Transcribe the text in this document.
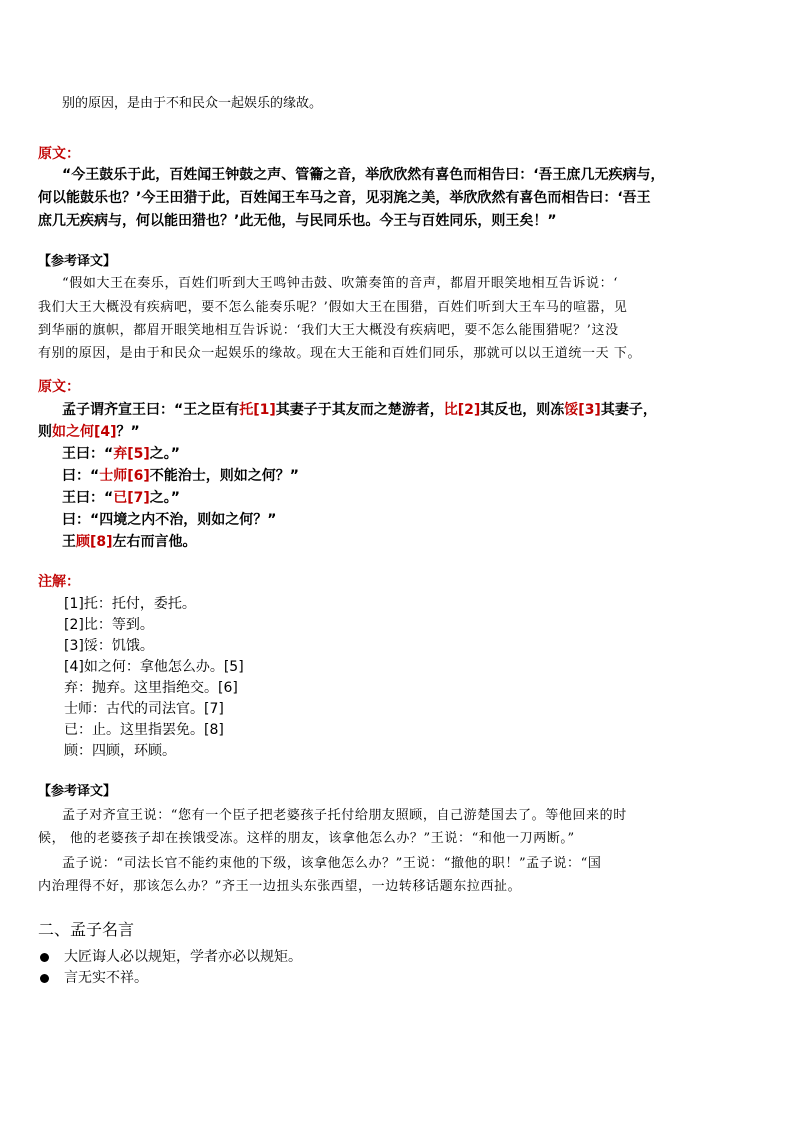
别的原因，是由于不和民众一起娱乐的缘故。
原文：
“今王鼓乐于此，百姓闻王钟鼓之声、管籥之音，举欣欣然有喜色而相告曰：‘吾王庶几无疾病与，
何以能鼓乐也？’今王田猎于此，百姓闻王车马之音，见羽旄之美，举欣欣然有喜色而相告曰：‘吾王
庶几无疾病与，何以能田猎也？’此无他，与民同乐也。今王与百姓同乐，则王矣！”
【参考译文】
“假如大王在奏乐，百姓们听到大王鸣钟击鼓、吹箫奏笛的音声，都眉开眼笑地相互告诉说：‘
我们大王大概没有疾病吧，要不怎么能奏乐呢？’假如大王在围猎，百姓们听到大王车马的喧嚣，见
到华丽的旗帜，都眉开眼笑地相互告诉说：‘我们大王大概没有疾病吧，要不怎么能围猎呢？’这没
有别的原因，是由于和民众一起娱乐的缘故。现在大王能和百姓们同乐，那就可以以王道统一天 下。
原文：
孟子谓齐宣王曰：“王之臣有托[1]其妻子于其友而之楚游者，比[2]其反也，则冻馁[3]其妻子，
则如之何[4]？”
王曰：“弃[5]之。”
曰：“士师[6]不能治士，则如之何？”
王曰：“已[7]之。”
曰：“四境之内不治，则如之何？”
王顾[8]左右而言他。
注解：
[1]托：托付，委托。
[2]比：等到。
[3]馁：饥饿。
[4]如之何：拿他怎么办。[5]
弃：抛弃。这里指绝交。[6]
士师：古代的司法官。[7]
已：止。这里指罢免。[8]
顾：四顾，环顾。
【参考译文】
孟子对齐宣王说：“您有一个臣子把老婆孩子托付给朋友照顾，自己游楚国去了。等他回来的时
候， 他的老婆孩子却在挨饿受冻。这样的朋友，该拿他怎么办？”王说：“和他一刀两断。”
孟子说：“司法长官不能约束他的下级，该拿他怎么办？”王说：“撤他的职！”孟子说：“国
内治理得不好，那该怎么办？”齐王一边扭头东张西望，一边转移话题东拉西扯。
二、孟子名言
大匠诲人必以规矩，学者亦必以规矩。
言无实不祥。
